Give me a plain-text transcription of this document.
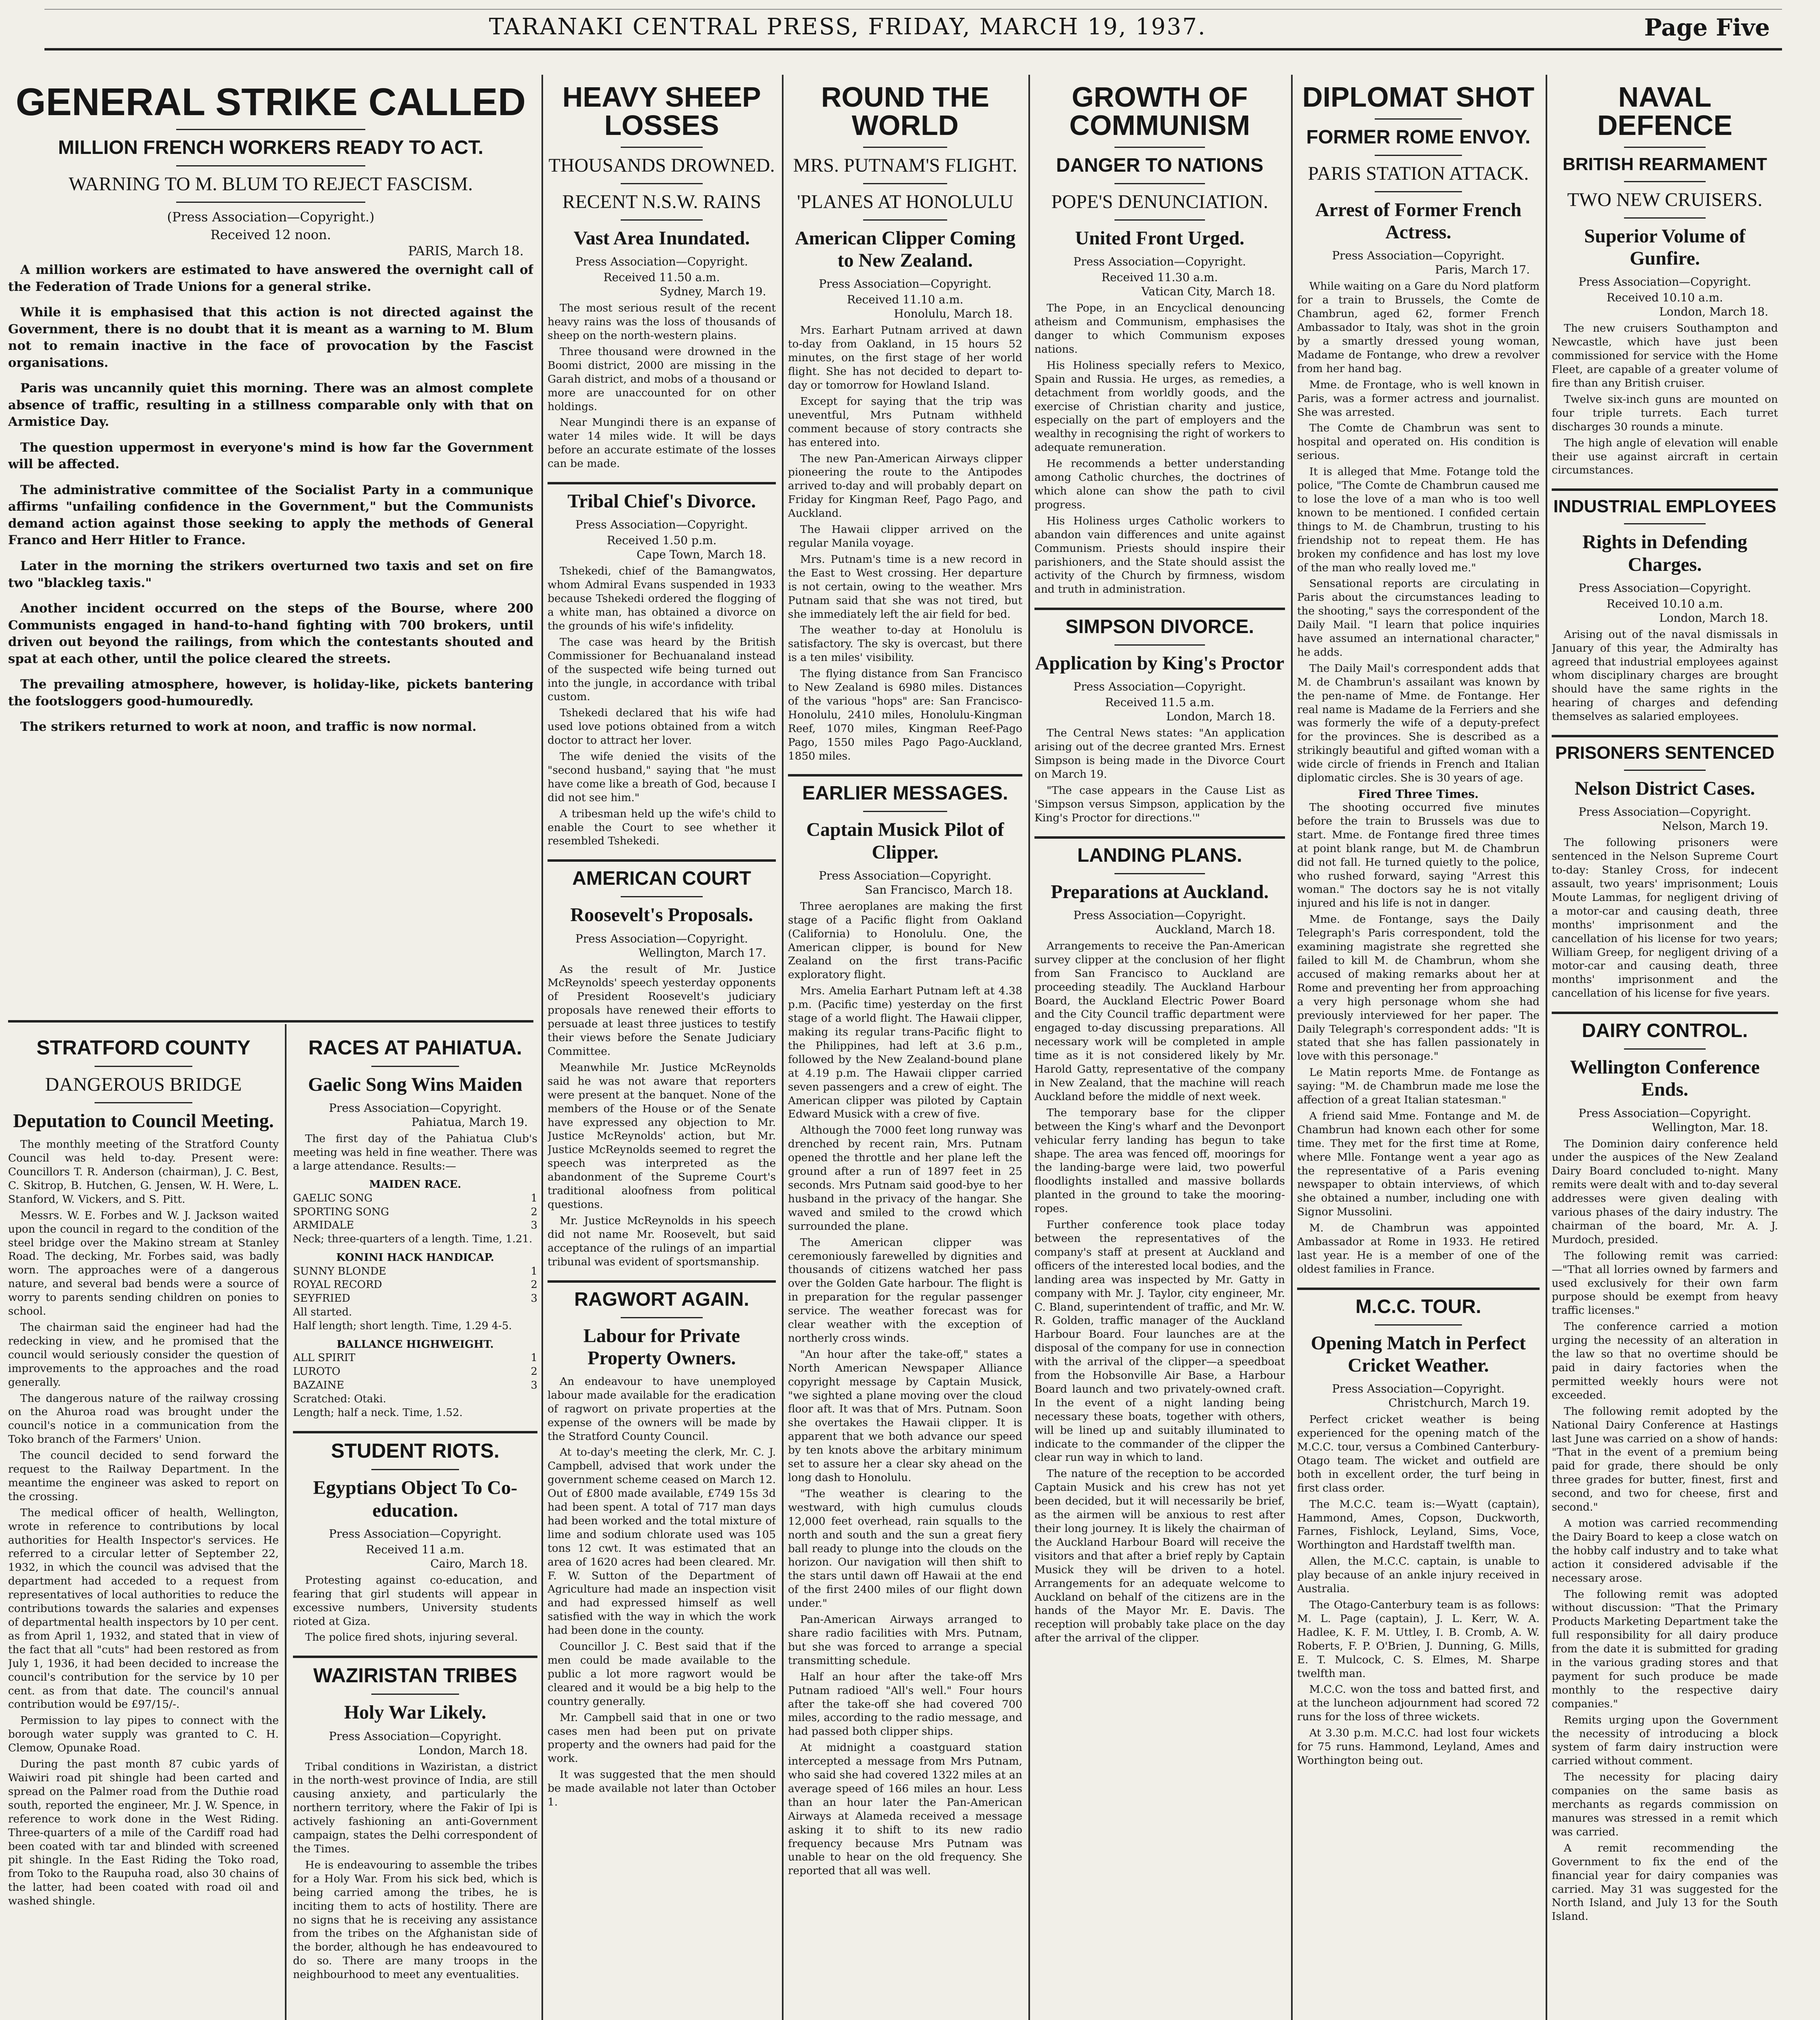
TARANAKI CENTRAL PRESS, FRIDAY, MARCH 19, 1937.	Page Five
GENERAL STRIKE CALLED
MILLION FRENCH WORKERS READY TO ACT.
WARNING TO M. BLUM TO REJECT FASCISM.
(Press Association—Copyright.)
Received 12 noon.
PARIS, March 18.

A million workers are estimated to have answered the overnight call of the Federation of Trade Unions for a general strike.

While it is emphasised that this action is not directed against the Government, there is no doubt that it is meant as a warning to M. Blum not to remain inactive in the face of provocation by the Fascist organisations.

Paris was uncannily quiet this morning. There was an almost complete absence of traffic, resulting in a stillness comparable only with that on Armistice Day.

The question uppermost in everyone's mind is how far the Government will be affected.

The administrative committee of the Socialist Party in a communique affirms "unfailing confidence in the Government," but the Communists demand action against those seeking to apply the methods of General Franco and Herr Hitler to France.

Later in the morning the strikers overturned two taxis and set on fire two "blackleg taxis."

Another incident occurred on the steps of the Bourse, where 200 Communists engaged in hand-to-hand fighting with 700 brokers, until driven out beyond the railings, from which the contestants shouted and spat at each other, until the police cleared the streets.

The prevailing atmosphere, however, is holiday-like, pickets bantering the footsloggers good-humouredly.

The strikers returned to work at noon, and traffic is now normal.

STRATFORD COUNTY
DANGEROUS BRIDGE
Deputation to Council Meeting.

The monthly meeting of the Stratford County Council was held to-day. Present were: Councillors T. R. Anderson (chairman), J. C. Best, C. Skitrop, B. Hutchen, G. Jensen, W. H. Were, L. Stanford, W. Vickers, and S. Pitt.

Messrs. W. E. Forbes and W. J. Jackson waited upon the council in regard to the condition of the steel bridge over the Makino stream at Stanley Road. The decking, Mr. Forbes said, was badly worn. The approaches were of a dangerous nature, and several bad bends were a source of worry to parents sending children on ponies to school.

The chairman said the engineer had had the redecking in view, and he promised that the council would seriously consider the question of improvements to the approaches and the road generally.

The dangerous nature of the railway crossing on the Ahuroa road was brought under the council's notice in a communication from the Toko branch of the Farmers' Union.

The council decided to send forward the request to the Railway Department. In the meantime the engineer was asked to report on the crossing.

The medical officer of health, Wellington, wrote in reference to contributions by local authorities for Health Inspector's services. He referred to a circular letter of September 22, 1932, in which the council was advised that the department had acceded to a request from representatives of local authorities to reduce the contributions towards the salaries and expenses of departmental health inspectors by 10 per cent. as from April 1, 1932, and stated that in view of the fact that all "cuts" had been restored as from July 1, 1936, it had been decided to increase the council's contribution for the service by 10 per cent. as from that date. The council's annual contribution would be £97/15/-.

Permission to lay pipes to connect with the borough water supply was granted to C. H. Clemow, Opunake Road.

During the past month 87 cubic yards of Waiwiri road pit shingle had been carted and spread on the Palmer road from the Duthie road south, reported the engineer, Mr. J. W. Spence, in reference to work done in the West Riding. Three-quarters of a mile of the Cardiff road had been coated with tar and blinded with screened pit shingle. In the East Riding the Toko road, from Toko to the Raupuha road, also 30 chains of the latter, had been coated with road oil and washed shingle.

RACES AT PAHIATUA.
Gaelic Song Wins Maiden
Press Association—Copyright.
Pahiatua, March 19.

The first day of the Pahiatua Club's meeting was held in fine weather. There was a large attendance. Results:—

MAIDEN RACE.
GAELIC SONG	1
SPORTING SONG	2
ARMIDALE	3
Neck; three-quarters of a length. Time, 1.21.
KONINI HACK HANDICAP.
SUNNY BLONDE	1
ROYAL RECORD	2
SEYFRIED	3
All started.
Half length; short length. Time, 1.29 4-5.
BALLANCE HIGHWEIGHT.
ALL SPIRIT	1
LUROTO	2
BAZAINE	3
Scratched: Otaki.
Length; half a neck. Time, 1.52.
STUDENT RIOTS.
Egyptians Object To Co-education.
Press Association—Copyright.
Received 11 a.m.
Cairo, March 18.

Protesting against co-education, and fearing that girl students will appear in excessive numbers, University students rioted at Giza.

The police fired shots, injuring several.

WAZIRISTAN TRIBES
Holy War Likely.
Press Association—Copyright.
London, March 18.

Tribal conditions in Waziristan, a district in the north-west province of India, are still causing anxiety, and particularly the northern territory, where the Fakir of Ipi is actively fashioning an anti-Government campaign, states the Delhi correspondent of the Times.

He is endeavouring to assemble the tribes for a Holy War. From his sick bed, which is being carried among the tribes, he is inciting them to acts of hostility. There are no signs that he is receiving any assistance from the tribes on the Afghanistan side of the border, although he has endeavoured to do so. There are many troops in the neighbourhood to meet any eventualities.

HEAVY SHEEP LOSSES
THOUSANDS DROWNED.
RECENT N.S.W. RAINS
Vast Area Inundated.
Press Association—Copyright.
Received 11.50 a.m.
Sydney, March 19.

The most serious result of the recent heavy rains was the loss of thousands of sheep on the north-western plains.

Three thousand were drowned in the Boomi district, 2000 are missing in the Garah district, and mobs of a thousand or more are unaccounted for on other holdings.

Near Mungindi there is an expanse of water 14 miles wide. It will be days before an accurate estimate of the losses can be made.

Tribal Chief's Divorce.
Press Association—Copyright.
Received 1.50 p.m.
Cape Town, March 18.

Tshekedi, chief of the Bamangwatos, whom Admiral Evans suspended in 1933 because Tshekedi ordered the flogging of a white man, has obtained a divorce on the grounds of his wife's infidelity.

The case was heard by the British Commissioner for Bechuanaland instead of the suspected wife being turned out into the jungle, in accordance with tribal custom.

Tshekedi declared that his wife had used love potions obtained from a witch doctor to attract her lover.

The wife denied the visits of the "second husband," saying that "he must have come like a breath of God, because I did not see him."

A tribesman held up the wife's child to enable the Court to see whether it resembled Tshekedi.

AMERICAN COURT
Roosevelt's Proposals.
Press Association—Copyright.
Wellington, March 17.

As the result of Mr. Justice McReynolds' speech yesterday opponents of President Roosevelt's judiciary proposals have renewed their efforts to persuade at least three justices to testify their views before the Senate Judiciary Committee.

Meanwhile Mr. Justice McReynolds said he was not aware that reporters were present at the banquet. None of the members of the House or of the Senate have expressed any objection to Mr. Justice McReynolds' action, but Mr. Justice McReynolds seemed to regret the speech was interpreted as the abandonment of the Supreme Court's traditional aloofness from political questions.

Mr. Justice McReynolds in his speech did not name Mr. Roosevelt, but said acceptance of the rulings of an impartial tribunal was evident of sportsmanship.

RAGWORT AGAIN.
Labour for Private Property Owners.

An endeavour to have unemployed labour made available for the eradication of ragwort on private properties at the expense of the owners will be made by the Stratford County Council.

At to-day's meeting the clerk, Mr. C. J. Campbell, advised that work under the government scheme ceased on March 12. Out of £800 made available, £749 15s 3d had been spent. A total of 717 man days had been worked and the total mixture of lime and sodium chlorate used was 105 tons 12 cwt. It was estimated that an area of 1620 acres had been cleared. Mr. F. W. Sutton of the Department of Agriculture had made an inspection visit and had expressed himself as well satisfied with the way in which the work had been done in the county.

Councillor J. C. Best said that if the men could be made available to the public a lot more ragwort would be cleared and it would be a big help to the country generally.

Mr. Campbell said that in one or two cases men had been put on private property and the owners had paid for the work.

It was suggested that the men should be made available not later than October 1.

ROUND THE WORLD
MRS. PUTNAM'S FLIGHT.
'PLANES AT HONOLULU
American Clipper Coming to New Zealand.
Press Association—Copyright.
Received 11.10 a.m.
Honolulu, March 18.

Mrs. Earhart Putnam arrived at dawn to-day from Oakland, in 15 hours 52 minutes, on the first stage of her world flight. She has not decided to depart to-day or tomorrow for Howland Island.

Except for saying that the trip was uneventful, Mrs Putnam withheld comment because of story contracts she has entered into.

The new Pan-American Airways clipper pioneering the route to the Antipodes arrived to-day and will probably depart on Friday for Kingman Reef, Pago Pago, and Auckland.

The Hawaii clipper arrived on the regular Manila voyage.

Mrs. Putnam's time is a new record in the East to West crossing. Her departure is not certain, owing to the weather. Mrs Putnam said that she was not tired, but she immediately left the air field for bed.

The weather to-day at Honolulu is satisfactory. The sky is overcast, but there is a ten miles' visibility.

The flying distance from San Francisco to New Zealand is 6980 miles. Distances of the various "hops" are: San Francisco-Honolulu, 2410 miles, Honolulu-Kingman Reef, 1070 miles, Kingman Reef-Pago Pago, 1550 miles Pago Pago-Auckland, 1850 miles.

EARLIER MESSAGES.
Captain Musick Pilot of Clipper.
Press Association—Copyright.
San Francisco, March 18.

Three aeroplanes are making the first stage of a Pacific flight from Oakland (California) to Honolulu. One, the American clipper, is bound for New Zealand on the first trans-Pacific exploratory flight.

Mrs. Amelia Earhart Putnam left at 4.38 p.m. (Pacific time) yesterday on the first stage of a world flight. The Hawaii clipper, making its regular trans-Pacific flight to the Philippines, had left at 3.6 p.m., followed by the New Zealand-bound plane at 4.19 p.m. The Hawaii clipper carried seven passengers and a crew of eight. The American clipper was piloted by Captain Edward Musick with a crew of five.

Although the 7000 feet long runway was drenched by recent rain, Mrs. Putnam opened the throttle and her plane left the ground after a run of 1897 feet in 25 seconds. Mrs Putnam said good-bye to her husband in the privacy of the hangar. She waved and smiled to the crowd which surrounded the plane.

The American clipper was ceremoniously farewelled by dignities and thousands of citizens watched her pass over the Golden Gate harbour. The flight is in preparation for the regular passenger service. The weather forecast was for clear weather with the exception of northerly cross winds.

"An hour after the take-off," states a North American Newspaper Alliance copyright message by Captain Musick, "we sighted a plane moving over the cloud floor aft. It was that of Mrs. Putnam. Soon she overtakes the Hawaii clipper. It is apparent that we both advance our speed by ten knots above the arbitary minimum set to assure her a clear sky ahead on the long dash to Honolulu.

"The weather is clearing to the westward, with high cumulus clouds 12,000 feet overhead, rain squalls to the north and south and the sun a great fiery ball ready to plunge into the clouds on the horizon. Our navigation will then shift to the stars until dawn off Hawaii at the end of the first 2400 miles of our flight down under."

Pan-American Airways arranged to share radio facilities with Mrs. Putnam, but she was forced to arrange a special transmitting schedule.

Half an hour after the take-off Mrs Putnam radioed "All's well." Four hours after the take-off she had covered 700 miles, according to the radio message, and had passed both clipper ships.

At midnight a coastguard station intercepted a message from Mrs Putnam, who said she had covered 1322 miles at an average speed of 166 miles an hour. Less than an hour later the Pan-American Airways at Alameda received a message asking it to shift to its new radio frequency because Mrs Putnam was unable to hear on the old frequency. She reported that all was well.

GROWTH OF COMMUNISM
DANGER TO NATIONS
POPE'S DENUNCIATION.
United Front Urged.
Press Association—Copyright.
Received 11.30 a.m.
Vatican City, March 18.

The Pope, in an Encyclical denouncing atheism and Communism, emphasises the danger to which Communism exposes nations.

His Holiness specially refers to Mexico, Spain and Russia. He urges, as remedies, a detachment from worldly goods, and the exercise of Christian charity and justice, especially on the part of employers and the wealthy in recognising the right of workers to adequate remuneration.

He recommends a better understanding among Catholic churches, the doctrines of which alone can show the path to civil progress.

His Holiness urges Catholic workers to abandon vain differences and unite against Communism. Priests should inspire their parishioners, and the State should assist the activity of the Church by firmness, wisdom and truth in administration.

SIMPSON DIVORCE.
Application by King's Proctor
Press Association—Copyright.
Received 11.5 a.m.
London, March 18.

The Central News states: "An application arising out of the decree granted Mrs. Ernest Simpson is being made in the Divorce Court on March 19.

"The case appears in the Cause List as 'Simpson versus Simpson, application by the King's Proctor for directions.'"

LANDING PLANS.
Preparations at Auckland.
Press Association—Copyright.
Auckland, March 18.

Arrangements to receive the Pan-American survey clipper at the conclusion of her flight from San Francisco to Auckland are proceeding steadily. The Auckland Harbour Board, the Auckland Electric Power Board and the City Council traffic department were engaged to-day discussing preparations. All necessary work will be completed in ample time as it is not considered likely by Mr. Harold Gatty, representative of the company in New Zealand, that the machine will reach Auckland before the middle of next week.

The temporary base for the clipper between the King's wharf and the Devonport vehicular ferry landing has begun to take shape. The area was fenced off, moorings for the landing-barge were laid, two powerful floodlights installed and massive bollards planted in the ground to take the mooring-ropes.

Further conference took place today between the representatives of the company's staff at present at Auckland and officers of the interested local bodies, and the landing area was inspected by Mr. Gatty in company with Mr. J. Taylor, city engineer, Mr. C. Bland, superintendent of traffic, and Mr. W. R. Golden, traffic manager of the Auckland Harbour Board. Four launches are at the disposal of the company for use in connection with the arrival of the clipper—a speedboat from the Hobsonville Air Base, a Harbour Board launch and two privately-owned craft. In the event of a night landing being necessary these boats, together with others, will be lined up and suitably illuminated to indicate to the commander of the clipper the clear run way in which to land.

The nature of the reception to be accorded Captain Musick and his crew has not yet been decided, but it will necessarily be brief, as the airmen will be anxious to rest after their long journey. It is likely the chairman of the Auckland Harbour Board will receive the visitors and that after a brief reply by Captain Musick they will be driven to a hotel. Arrangements for an adequate welcome to Auckland on behalf of the citizens are in the hands of the Mayor Mr. E. Davis. The reception will probably take place on the day after the arrival of the clipper.

DIPLOMAT SHOT
FORMER ROME ENVOY.
PARIS STATION ATTACK.
Arrest of Former French Actress.
Press Association—Copyright.
Paris, March 17.

While waiting on a Gare du Nord platform for a train to Brussels, the Comte de Chambrun, aged 62, former French Ambassador to Italy, was shot in the groin by a smartly dressed young woman, Madame de Fontange, who drew a revolver from her hand bag.

Mme. de Frontage, who is well known in Paris, was a former actress and journalist. She was arrested.

The Comte de Chambrun was sent to hospital and operated on. His condition is serious.

It is alleged that Mme. Fotange told the police, "The Comte de Chambrun caused me to lose the love of a man who is too well known to be mentioned. I confided certain things to M. de Chambrun, trusting to his friendship not to repeat them. He has broken my confidence and has lost my love of the man who really loved me."

Sensational reports are circulating in Paris about the circumstances leading to the shooting," says the correspondent of the Daily Mail. "I learn that police inquiries have assumed an international character," he adds.

The Daily Mail's correspondent adds that M. de Chambrun's assailant was known by the pen-name of Mme. de Fontange. Her real name is Madame de la Ferriers and she was formerly the wife of a deputy-prefect for the provinces. She is described as a strikingly beautiful and gifted woman with a wide circle of friends in French and Italian diplomatic circles. She is 30 years of age.

Fired Three Times.

The shooting occurred five minutes before the train to Brussels was due to start. Mme. de Fontange fired three times at point blank range, but M. de Chambrun did not fall. He turned quietly to the police, who rushed forward, saying "Arrest this woman." The doctors say he is not vitally injured and his life is not in danger.

Mme. de Fontange, says the Daily Telegraph's Paris correspondent, told the examining magistrate she regretted she failed to kill M. de Chambrun, whom she accused of making remarks about her at Rome and preventing her from approaching a very high personage whom she had previously interviewed for her paper. The Daily Telegraph's correspondent adds: "It is stated that she has fallen passionately in love with this personage."

Le Matin reports Mme. de Fontange as saying: "M. de Chambrun made me lose the affection of a great Italian statesman."

A friend said Mme. Fontange and M. de Chambrun had known each other for some time. They met for the first time at Rome, where Mlle. Fontange went a year ago as the representative of a Paris evening newspaper to obtain interviews, of which she obtained a number, including one with Signor Mussolini.

M. de Chambrun was appointed Ambassador at Rome in 1933. He retired last year. He is a member of one of the oldest families in France.

M.C.C. TOUR.
Opening Match in Perfect Cricket Weather.
Press Association—Copyright.
Christchurch, March 19.

Perfect cricket weather is being experienced for the opening match of the M.C.C. tour, versus a Combined Canterbury-Otago team. The wicket and outfield are both in excellent order, the turf being in first class order.

The M.C.C. team is:—Wyatt (captain), Hammond, Ames, Copson, Duckworth, Farnes, Fishlock, Leyland, Sims, Voce, Worthington and Hardstaff twelfth man.

Allen, the M.C.C. captain, is unable to play because of an ankle injury received in Australia.

The Otago-Canterbury team is as follows: M. L. Page (captain), J. L. Kerr, W. A. Hadlee, K. F. M. Uttley, I. B. Cromb, A. W. Roberts, F. P. O'Brien, J. Dunning, G. Mills, E. T. Mulcock, C. S. Elmes, M. Sharpe twelfth man.

M.C.C. won the toss and batted first, and at the luncheon adjournment had scored 72 runs for the loss of three wickets.

At 3.30 p.m. M.C.C. had lost four wickets for 75 runs. Hammond, Leyland, Ames and Worthington being out.

NAVAL DEFENCE
BRITISH REARMAMENT
TWO NEW CRUISERS.
Superior Volume of Gunfire.
Press Association—Copyright.
Received 10.10 a.m.
London, March 18.

The new cruisers Southampton and Newcastle, which have just been commissioned for service with the Home Fleet, are capable of a greater volume of fire than any British cruiser.

Twelve six-inch guns are mounted on four triple turrets. Each turret discharges 30 rounds a minute.

The high angle of elevation will enable their use against aircraft in certain circumstances.

INDUSTRIAL EMPLOYEES
Rights in Defending Charges.
Press Association—Copyright.
Received 10.10 a.m.
London, March 18.

Arising out of the naval dismissals in January of this year, the Admiralty has agreed that industrial employees against whom disciplinary charges are brought should have the same rights in the hearing of charges and defending themselves as salaried employees.

PRISONERS SENTENCED
Nelson District Cases.
Press Association—Copyright.
Nelson, March 19.

The following prisoners were sentenced in the Nelson Supreme Court to-day: Stanley Cross, for indecent assault, two years' imprisonment; Louis Moute Lammas, for negligent driving of a motor-car and causing death, three months' imprisonment and the cancellation of his license for two years; William Greep, for negligent driving of a motor-car and causing death, three months' imprisonment and the cancellation of his license for five years.

DAIRY CONTROL.
Wellington Conference Ends.
Press Association—Copyright.
Wellington, Mar. 18.

The Dominion dairy conference held under the auspices of the New Zealand Dairy Board concluded to-night. Many remits were dealt with and to-day several addresses were given dealing with various phases of the dairy industry. The chairman of the board, Mr. A. J. Murdoch, presided.

The following remit was carried:—"That all lorries owned by farmers and used exclusively for their own farm purpose should be exempt from heavy traffic licenses."

The conference carried a motion urging the necessity of an alteration in the law so that no overtime should be paid in dairy factories when the permitted weekly hours were not exceeded.

The following remit adopted by the National Dairy Conference at Hastings last June was carried on a show of hands: "That in the event of a premium being paid for grade, there should be only three grades for butter, finest, first and second, and two for cheese, first and second."

A motion was carried recommending the Dairy Board to keep a close watch on the hobby calf industry and to take what action it considered advisable if the necessary arose.

The following remit was adopted without discussion: "That the Primary Products Marketing Department take the full responsibility for all dairy produce from the date it is submitted for grading in the various grading stores and that payment for such produce be made monthly to the respective dairy companies."

Remits urging upon the Government the necessity of introducing a block system of farm dairy instruction were carried without comment.

The necessity for placing dairy companies on the same basis as merchants as regards commission on manures was stressed in a remit which was carried.

A remit recommending the Government to fix the end of the financial year for dairy companies was carried. May 31 was suggested for the North Island, and July 13 for the South Island.
